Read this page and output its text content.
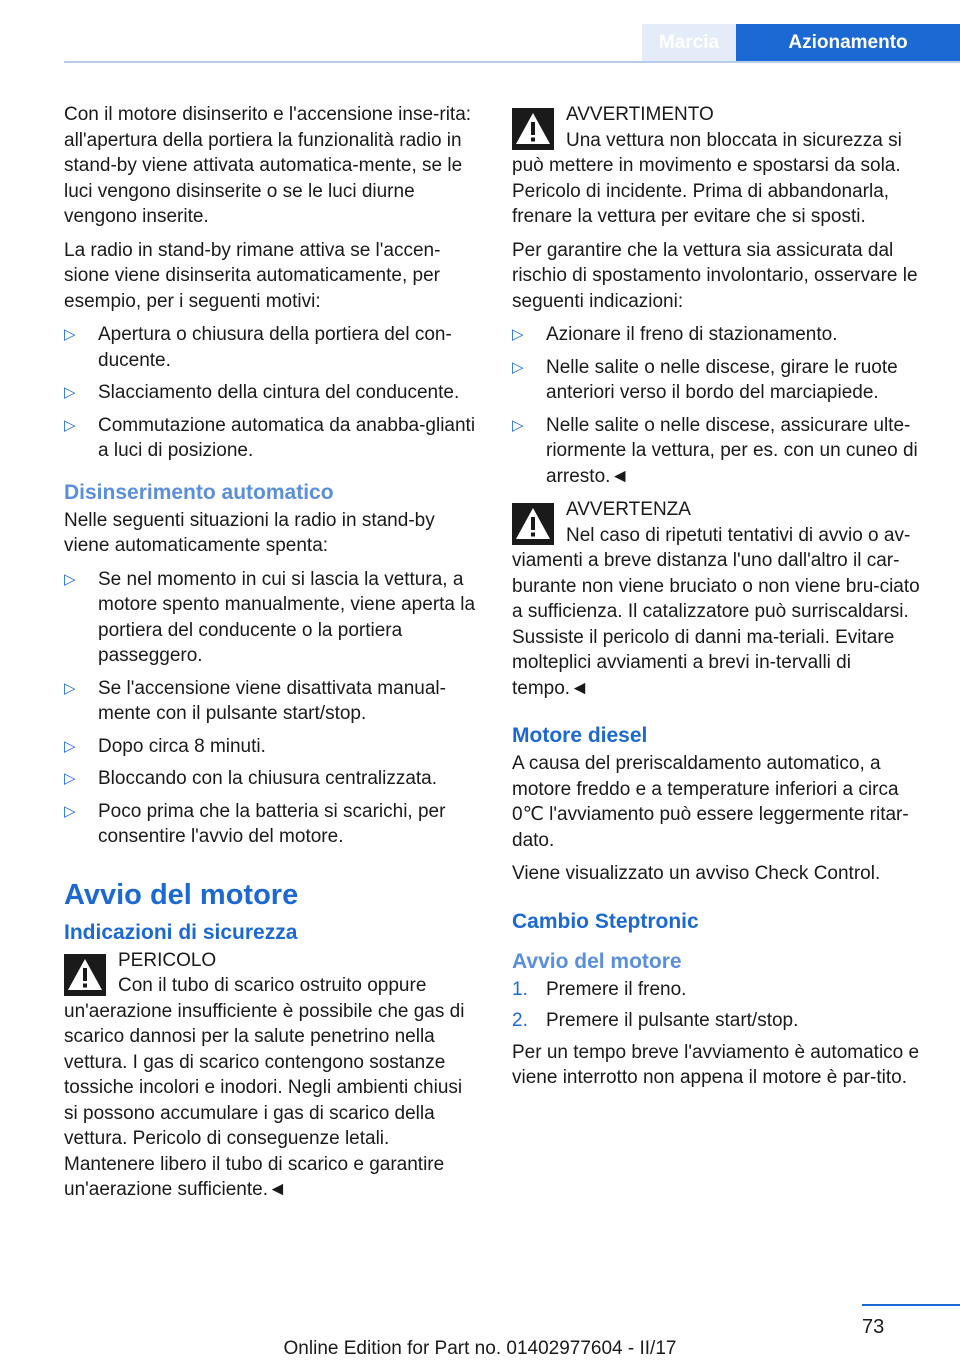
Marcia	Azionamento

Con il motore disinserito e l'accensione inse-rita: all'apertura della portiera la funzionalità radio in stand-by viene attivata automatica-mente, se le luci vengono disinserite o se le luci diurne vengono inserite.

La radio in stand-by rimane attiva se l'accen-sione viene disinserita automaticamente, per esempio, per i seguenti motivi:

▷ Apertura o chiusura della portiera del con-ducente.
▷ Slacciamento della cintura del conducente.
▷ Commutazione automatica da anabba-glianti a luci di posizione.
Disinserimento automatico

Nelle seguenti situazioni la radio in stand-by viene automaticamente spenta:

▷ Se nel momento in cui si lascia la vettura, a motore spento manualmente, viene aperta la portiera del conducente o la portiera passeggero.
▷ Se l'accensione viene disattivata manual-mente con il pulsante start/stop.
▷ Dopo circa 8 minuti.
▷ Bloccando con la chiusura centralizzata.
▷ Poco prima che la batteria si scarichi, per consentire l'avvio del motore.
Avvio del motore
Indicazioni di sicurezza
PERICOLO
Con il tubo di scarico ostruito oppure un'aerazione insufficiente è possibile che gas di scarico dannosi per la salute penetrino nella vettura. I gas di scarico contengono sostanze tossiche incolori e inodori. Negli ambienti chiusi si possono accumulare i gas di scarico della vettura. Pericolo di conseguenze letali. Mantenere libero il tubo di scarico e garantire un'aerazione sufficiente.◄
AVVERTIMENTO
Una vettura non bloccata in sicurezza si può mettere in movimento e spostarsi da sola. Pericolo di incidente. Prima di abbandonarla, frenare la vettura per evitare che si sposti.

Per garantire che la vettura sia assicurata dal rischio di spostamento involontario, osservare le seguenti indicazioni:

▷ Azionare il freno di stazionamento.
▷ Nelle salite o nelle discese, girare le ruote anteriori verso il bordo del marciapiede.
▷ Nelle salite o nelle discese, assicurare ulte-riormente la vettura, per es. con un cuneo di arresto.◄
AVVERTENZA
Nel caso di ripetuti tentativi di avvio o av-viamenti a breve distanza l'uno dall'altro il car-burante non viene bruciato o non viene bru-ciato a sufficienza. Il catalizzatore può surriscaldarsi. Sussiste il pericolo di danni ma-teriali. Evitare molteplici avviamenti a brevi in-tervalli di tempo.◄
Motore diesel

A causa del preriscaldamento automatico, a motore freddo e a temperature inferiori a circa 0℃ l'avviamento può essere leggermente ritar-dato.

Viene visualizzato un avviso Check Control.

Cambio Steptronic
Avvio del motore
1. Premere il freno.
2. Premere il pulsante start/stop.

Per un tempo breve l'avviamento è automatico e viene interrotto non appena il motore è par-tito.

73
Online Edition for Part no. 01402977604 - II/17
